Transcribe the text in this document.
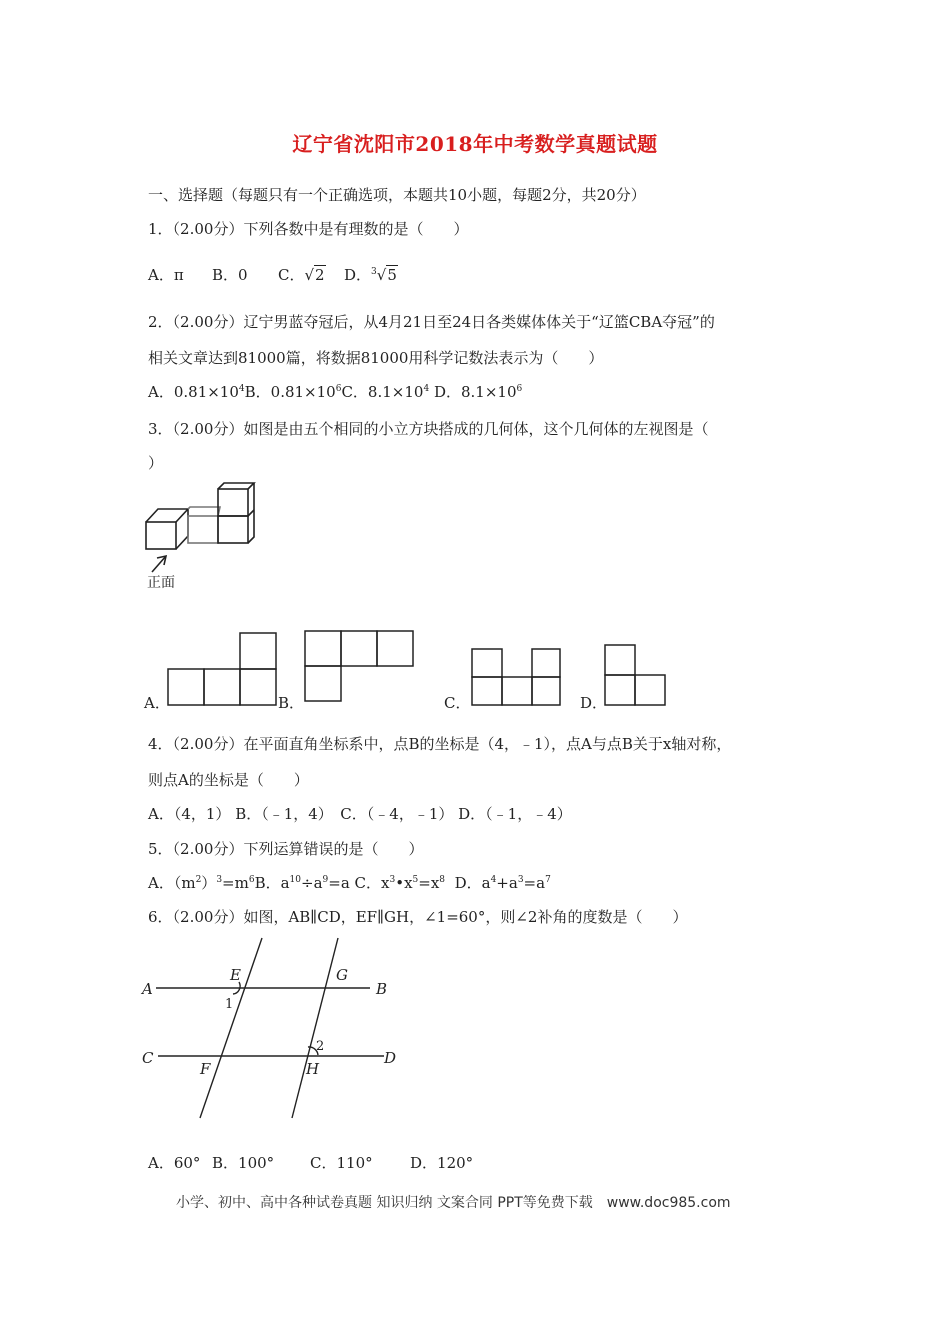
辽宁省沈阳市2018年中考数学真题试题
一、选择题（每题只有一个正确选项，本题共10小题，每题2分，共20分）
1．（2.00分）下列各数中是有理数的是（　　）
A．π B．0 C．√2 D．$^3$√5
2．（2.00分）辽宁男蓝夺冠后，从4月21日至24日各类媒体体关于“辽篮CBA夺冠”的
相关文章达到81000篇，将数据81000用科学记数法表示为（　　）
A．$0.81\times 10^4B$．$0.81\times 10^6C$．$8.1\times 10^4$ D．$8.1\times 10^6$
3．（2.00分）如图是由五个相同的小立方块搭成的几何体，这个几何体的左视图是（
）
正面
A．	B．	C．	D．
4．（2.00分）在平面直角坐标系中，点B的坐标是（4，﹣1），点A与点B关于x轴对称，
则点A的坐标是（　　）
A．（4，1） B．（﹣1，4）　C．（﹣4，﹣1） D．（﹣1，﹣4）
5．（2.00分）下列运算错误的是（　　）
A．$(m^2)^3=m^6B$．$a^{10}\div a^9=a$ C．$x^3•x^5=x^8$ D．$a^4+a^3=a^7$
6．（2.00分）如图，AB∥CD，EF∥GH，∠1=60°，则∠2补角的度数是（　　）
A	B
C	D
E	G
F	H
1
2
A．60° B．100° C．110° D．120°
小学、初中、高中各种试卷真题 知识归纳 文案合同 PPT等免费下载　www.doc985.com
